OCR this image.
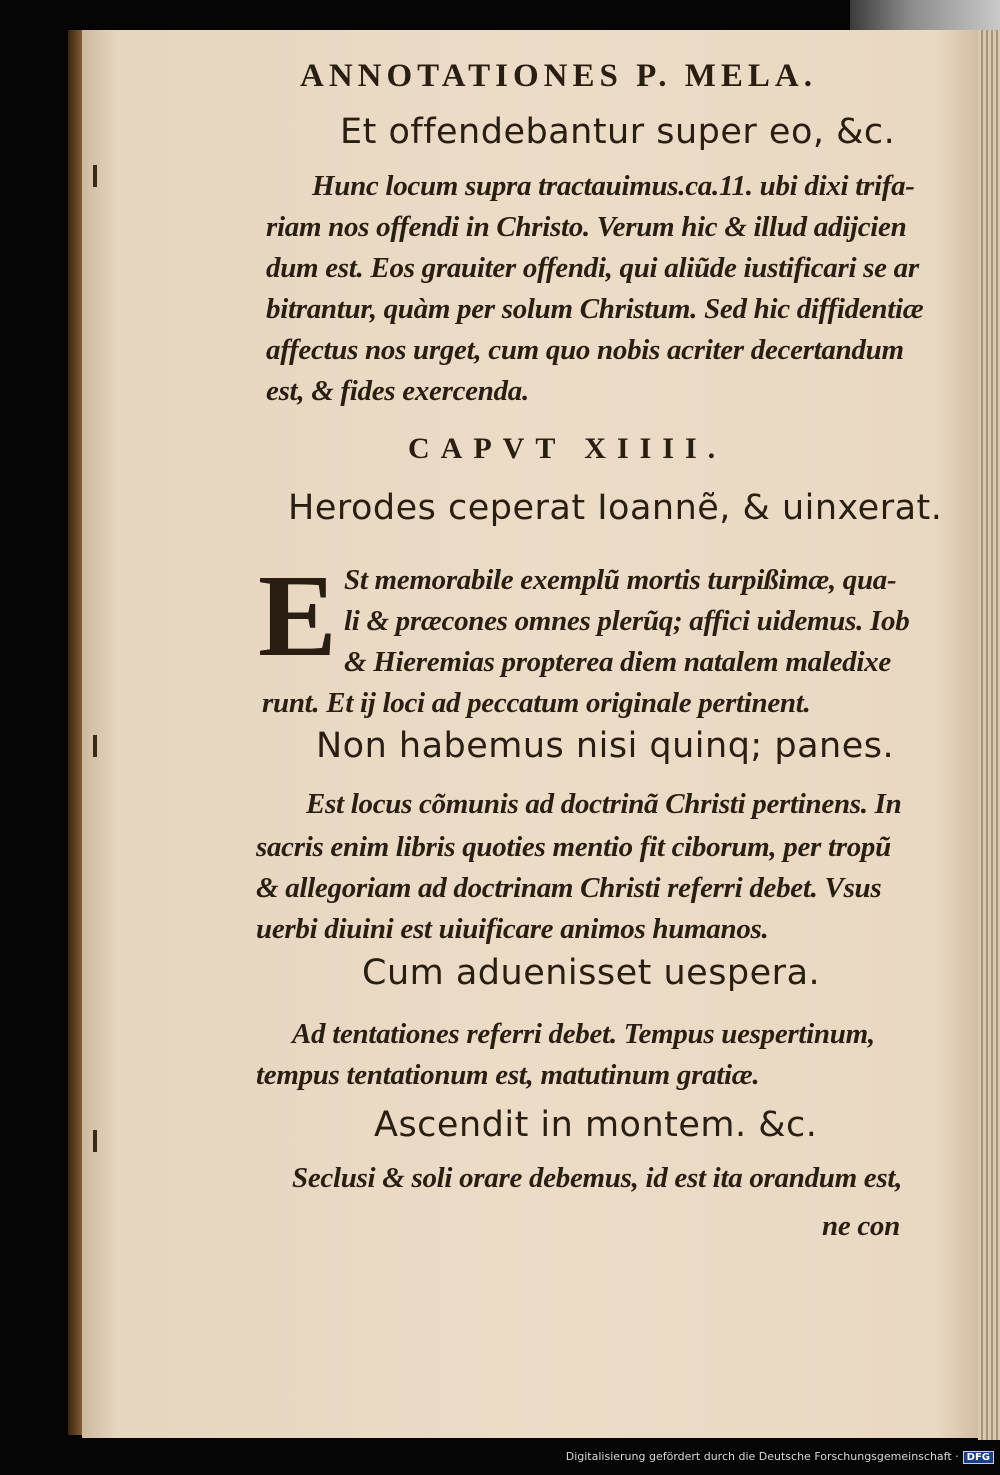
ANNOTATIONES P. MELA.

Et offendebantur super eo, &c.

Hunc locum supra tractauimus.ca.11. ubi dixi trifa-

riam nos offendi in Christo. Verum hic & illud adijcien

dum est. Eos grauiter offendi, qui aliũde iustificari se ar

bitrantur, quàm per solum Christum. Sed hic diffidentiæ

affectus nos urget, cum quo nobis acriter decertandum

est, & fides exercenda.

CAPVT XIIII.

Herodes ceperat Ioannẽ, & uinxerat.

E St memorabile exemplũ mortis turpißimæ, qua-

li & præcones omnes plerũq; affici uidemus. Iob

& Hieremias propterea diem natalem maledixe

runt. Et ij loci ad peccatum originale pertinent.

Non habemus nisi quinq; panes.

Est locus cõmunis ad doctrinã Christi pertinens. In

sacris enim libris quoties mentio fit ciborum, per tropũ

& allegoriam ad doctrinam Christi referri debet. Vsus

uerbi diuini est uiuificare animos humanos.

Cum aduenisset uespera.

Ad tentationes referri debet. Tempus uespertinum,

tempus tentationum est, matutinum gratiæ.

Ascendit in montem. &c.

Seclusi & soli orare debemus, id est ita orandum est,

ne con

Digitalisierung gefördert durch die Deutsche Forschungsgemeinschaft · DFG
